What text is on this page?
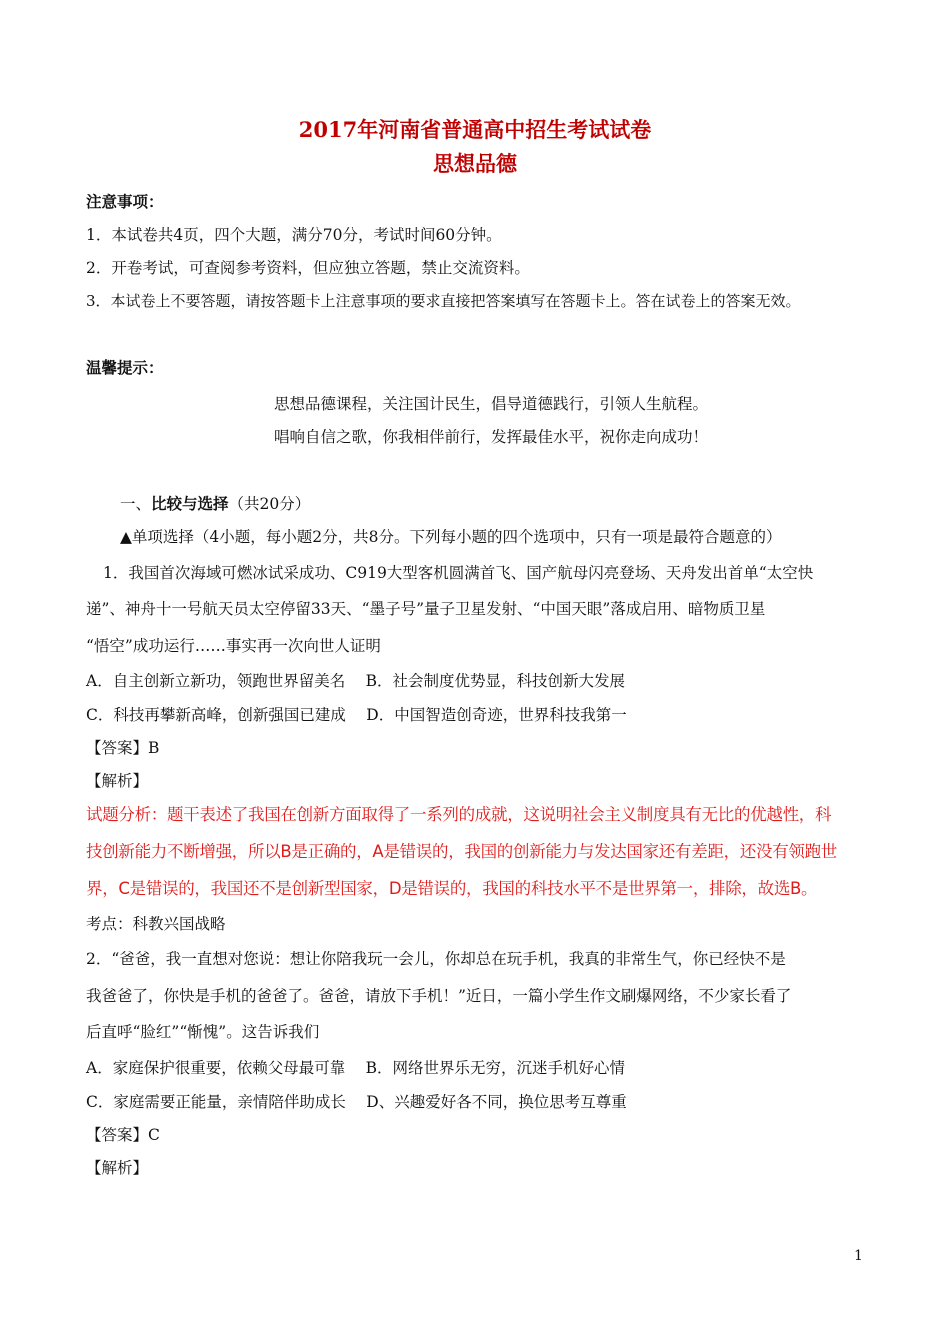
2017年河南省普通高中招生考试试卷
思想品德
注意事项：
1．本试卷共4页，四个大题，满分70分，考试时间60分钟。
2．开卷考试，可查阅参考资料，但应独立答题，禁止交流资料。
3．本试卷上不要答题，请按答题卡上注意事项的要求直接把答案填写在答题卡上。答在试卷上的答案无效。
温馨提示：
思想品德课程，关注国计民生，倡导道德践行，引领人生航程。
唱响自信之歌，你我相伴前行，发挥最佳水平，祝你走向成功！
一、比较与选择（共20分）
▲单项选择（4小题，每小题2分，共8分。下列每小题的四个选项中，只有一项是最符合题意的）
1．我国首次海域可燃冰试采成功、C919大型客机圆满首飞、国产航母闪亮登场、天舟发出首单“太空快
递”、神舟十一号航天员太空停留33天、“墨子号”量子卫星发射、“中国天眼”落成启用、暗物质卫星
“悟空”成功运行……事实再一次向世人证明
A．自主创新立新功，领跑世界留美名　 B．社会制度优势显，科技创新大发展
C．科技再攀新高峰，创新强国已建成　 D．中国智造创奇迹，世界科技我第一
【答案】B
【解析】
试题分析：题干表述了我国在创新方面取得了一系列的成就，这说明社会主义制度具有无比的优越性，科
技创新能力不断增强，所以B是正确的，A是错误的，我国的创新能力与发达国家还有差距，还没有领跑世
界，C是错误的，我国还不是创新型国家，D是错误的，我国的科技水平不是世界第一，排除，故选B。
考点：科教兴国战略
2．“爸爸，我一直想对您说：想让你陪我玩一会儿，你却总在玩手机，我真的非常生气，你已经快不是
我爸爸了，你快是手机的爸爸了。爸爸，请放下手机！”近日，一篇小学生作文刷爆网络，不少家长看了
后直呼“脸红”“惭愧”。这告诉我们
A．家庭保护很重要，依赖父母最可靠　 B．网络世界乐无穷，沉迷手机好心情
C．家庭需要正能量，亲情陪伴助成长　 D、兴趣爱好各不同，换位思考互尊重
【答案】C
【解析】
1
